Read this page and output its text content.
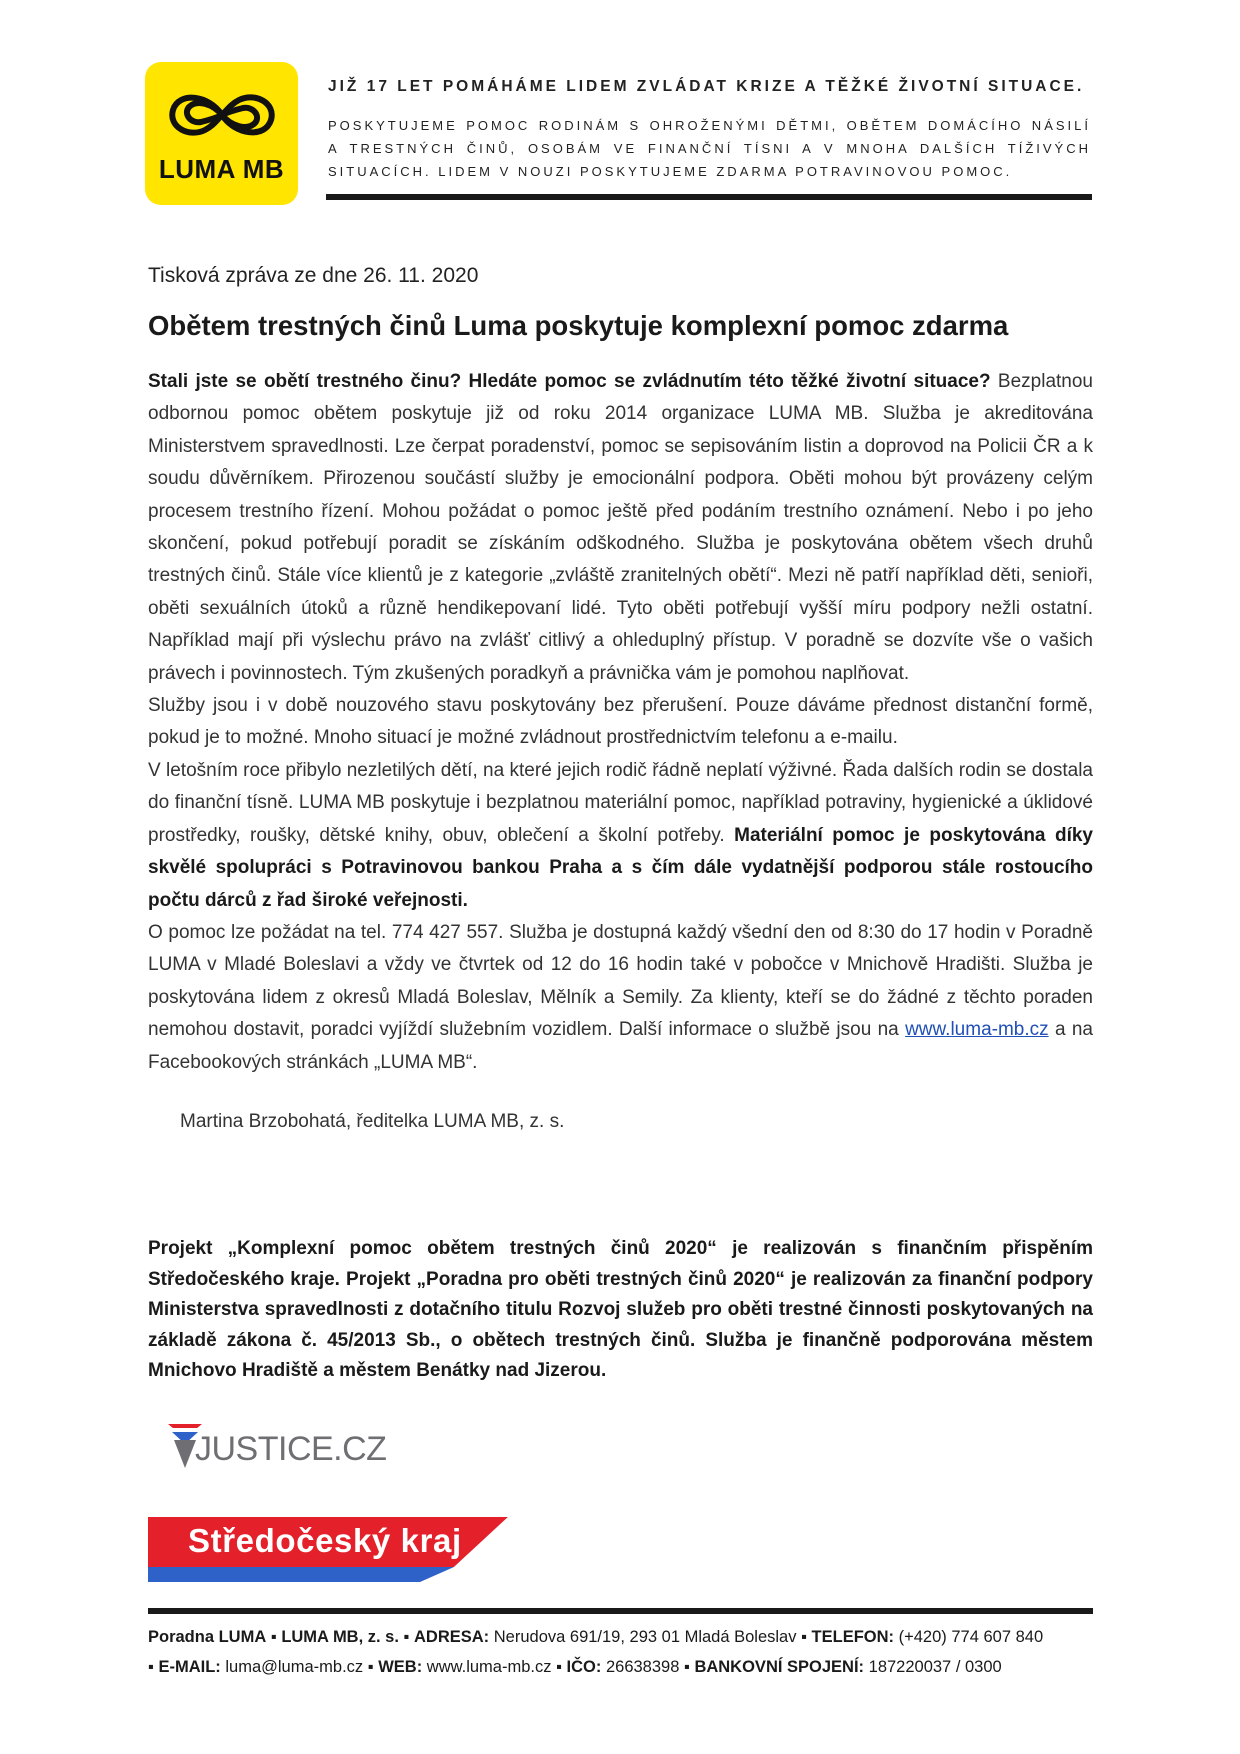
LUMA MB
JIŽ 17 LET POMÁHÁME LIDEM ZVLÁDAT KRIZE A TĚŽKÉ ŽIVOTNÍ SITUACE.
POSKYTUJEME POMOC RODINÁM S OHROŽENÝMI DĚTMI, OBĚTEM DOMÁCÍHO NÁSILÍ A TRESTNÝCH ČINŮ, OSOBÁM VE FINANČNÍ TÍSNI A V MNOHA DALŠÍCH TÍŽIVÝCH SITUACÍCH. LIDEM V NOUZI POSKYTUJEME ZDARMA POTRAVINOVOU POMOC.
Tisková zpráva ze dne 26. 11. 2020
Obětem trestných činů Luma poskytuje komplexní pomoc zdarma

Stali jste se obětí trestného činu? Hledáte pomoc se zvládnutím této těžké životní situace? Bezplatnou odbornou pomoc obětem poskytuje již od roku 2014 organizace LUMA MB. Služba je akreditována Ministerstvem spravedlnosti. Lze čerpat poradenství, pomoc se sepisováním listin a doprovod na Policii ČR a k soudu důvěrníkem. Přirozenou součástí služby je emocionální podpora. Oběti mohou být provázeny celým procesem trestního řízení. Mohou požádat o pomoc ještě před podáním trestního oznámení. Nebo i po jeho skončení, pokud potřebují poradit se získáním odškodného. Služba je poskytována obětem všech druhů trestných činů. Stále více klientů je z kategorie „zvláště zranitelných obětí“. Mezi ně patří například děti, senioři, oběti sexuálních útoků a různě hendikepovaní lidé. Tyto oběti potřebují vyšší míru podpory nežli ostatní. Například mají při výslechu právo na zvlášť citlivý a ohleduplný přístup. V poradně se dozvíte vše o vašich právech i povinnostech. Tým zkušených poradkyň a právnička vám je pomohou naplňovat.

Služby jsou i v době nouzového stavu poskytovány bez přerušení. Pouze dáváme přednost distanční formě, pokud je to možné. Mnoho situací je možné zvládnout prostřednictvím telefonu a e-mailu.

V letošním roce přibylo nezletilých dětí, na které jejich rodič řádně neplatí výživné. Řada dalších rodin se dostala do finanční tísně. LUMA MB poskytuje i bezplatnou materiální pomoc, například potraviny, hygienické a úklidové prostředky, roušky, dětské knihy, obuv, oblečení a školní potřeby. Materiální pomoc je poskytována díky skvělé spolupráci s Potravinovou bankou Praha a s čím dále vydatnější podporou stále rostoucího počtu dárců z řad široké veřejnosti.

O pomoc lze požádat na tel. 774 427 557. Služba je dostupná každý všední den od 8:30 do 17 hodin v Poradně LUMA v Mladé Boleslavi a vždy ve čtvrtek od 12 do 16 hodin také v pobočce v Mnichově Hradišti. Služba je poskytována lidem z okresů Mladá Boleslav, Mělník a Semily. Za klienty, kteří se do žádné z těchto poraden nemohou dostavit, poradci vyjíždí služebním vozidlem. Další informace o službě jsou na www.luma-mb.cz a na Facebookových stránkách „LUMA MB“.

Martina Brzobohatá, ředitelka LUMA MB, z. s.
Projekt „Komplexní pomoc obětem trestných činů 2020“ je realizován s finančním přispěním Středočeského kraje. Projekt „Poradna pro oběti trestných činů 2020“ je realizován za finanční podpory Ministerstva spravedlnosti z dotačního titulu Rozvoj služeb pro oběti trestné činnosti poskytovaných na základě zákona č. 45/2013 Sb., o obětech trestných činů. Služba je finančně podporována městem Mnichovo Hradiště a městem Benátky nad Jizerou.
JUSTICE.CZ
Středočeský kraj
Poradna LUMA ▪ LUMA MB, z. s. ▪ ADRESA: Nerudova 691/19, 293 01 Mladá Boleslav ▪ TELEFON: (+420) 774 607 840
▪ E-MAIL: luma@luma-mb.cz ▪ WEB: www.luma-mb.cz ▪ IČO: 26638398 ▪ BANKOVNÍ SPOJENÍ: 187220037 / 0300
